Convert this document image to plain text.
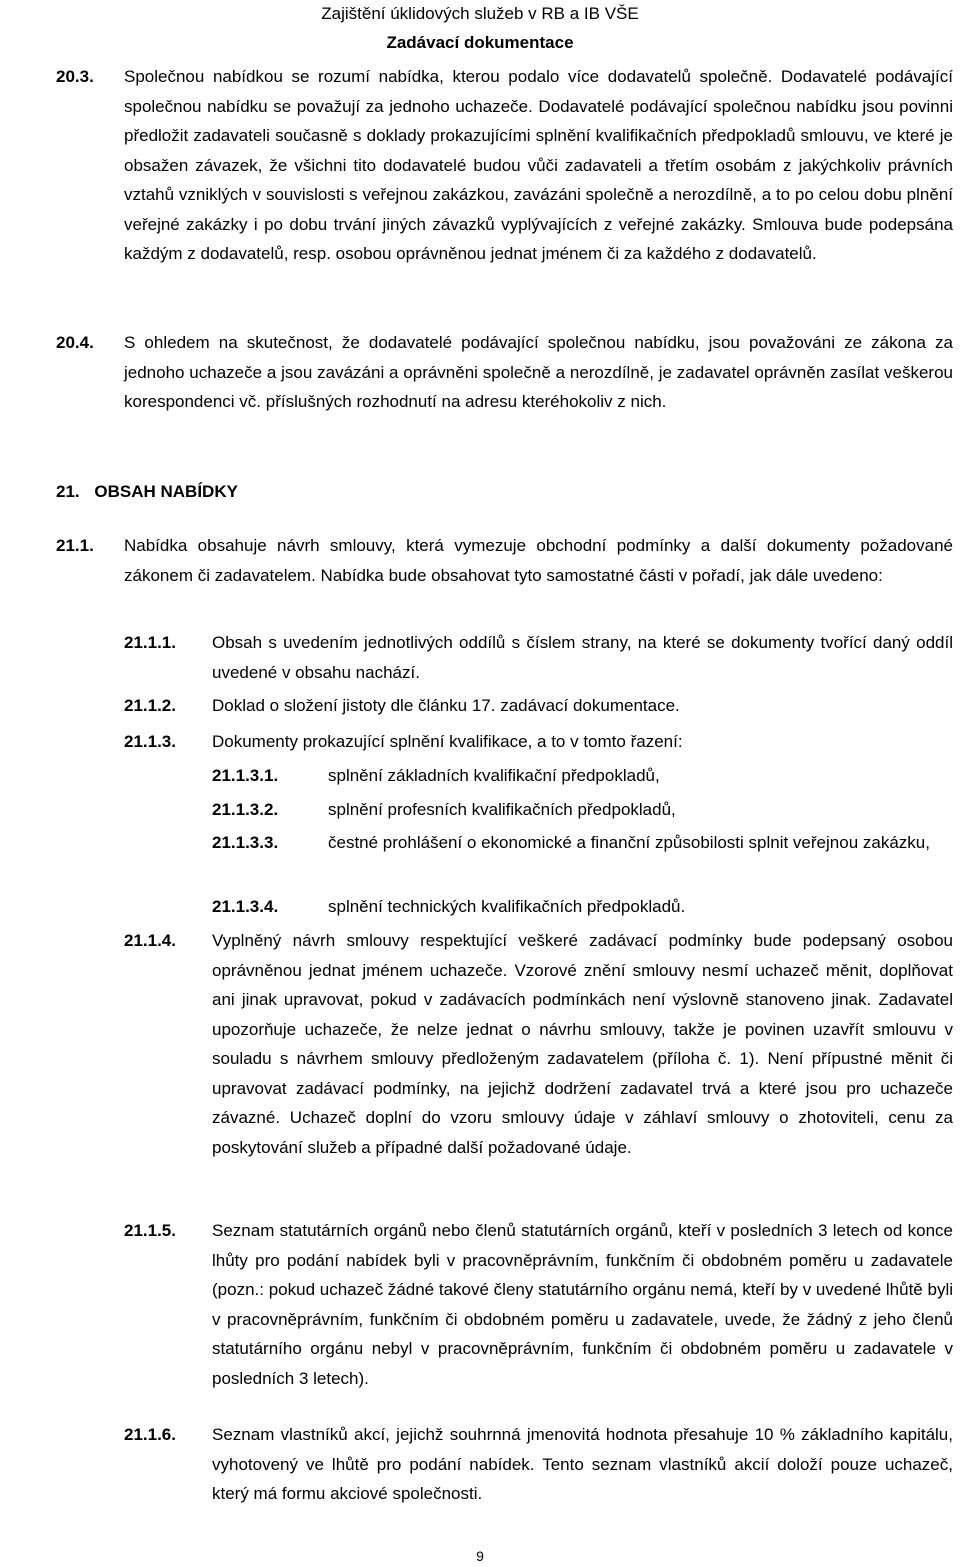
Zajištění úklidových služeb v RB a IB VŠE
Zadávací dokumentace
20.3. Společnou nabídkou se rozumí nabídka, kterou podalo více dodavatelů společně. Dodavatelé podávající společnou nabídku se považují za jednoho uchazeče. Dodavatelé podávající společnou nabídku jsou povinni předložit zadavateli současně s doklady prokazujícími splnění kvalifikačních předpokladů smlouvu, ve které je obsažen závazek, že všichni tito dodavatelé budou vůči zadavateli a třetím osobám z jakýchkoliv právních vztahů vzniklých v souvislosti s veřejnou zakázkou, zavázáni společně a nerozdílně, a to po celou dobu plnění veřejné zakázky i po dobu trvání jiných závazků vyplývajících z veřejné zakázky. Smlouva bude podepsána každým z dodavatelů, resp. osobou oprávněnou jednat jménem či za každého z dodavatelů.
20.4. S ohledem na skutečnost, že dodavatelé podávající společnou nabídku, jsou považováni ze zákona za jednoho uchazeče a jsou zavázáni a oprávněni společně a nerozdílně, je zadavatel oprávněn zasílat veškerou korespondenci vč. příslušných rozhodnutí na adresu kteréhokoliv z nich.
21. OBSAH NABÍDKY
21.1. Nabídka obsahuje návrh smlouvy, která vymezuje obchodní podmínky a další dokumenty požadované zákonem či zadavatelem. Nabídka bude obsahovat tyto samostatné části v pořadí, jak dále uvedeno:
21.1.1. Obsah s uvedením jednotlivých oddílů s číslem strany, na které se dokumenty tvořící daný oddíl uvedené v obsahu nachází.
21.1.2. Doklad o složení jistoty dle článku 17. zadávací dokumentace.
21.1.3. Dokumenty prokazující splnění kvalifikace, a to v tomto řazení:
21.1.3.1.	splnění základních kvalifikační předpokladů,
21.1.3.2.	splnění profesních kvalifikačních předpokladů,
21.1.3.3.	čestné prohlášení o ekonomické a finanční způsobilosti splnit veřejnou zakázku,
21.1.3.4.	splnění technických kvalifikačních předpokladů.
21.1.4. Vyplněný návrh smlouvy respektující veškeré zadávací podmínky bude podepsaný osobou oprávněnou jednat jménem uchazeče. Vzorové znění smlouvy nesmí uchazeč měnit, doplňovat ani jinak upravovat, pokud v zadávacích podmínkách není výslovně stanoveno jinak. Zadavatel upozorňuje uchazeče, že nelze jednat o návrhu smlouvy, takže je povinen uzavřít smlouvu v souladu s návrhem smlouvy předloženým zadavatelem (příloha č. 1). Není přípustné měnit či upravovat zadávací podmínky, na jejichž dodržení zadavatel trvá a které jsou pro uchazeče závazné. Uchazeč doplní do vzoru smlouvy údaje v záhlaví smlouvy o zhotoviteli, cenu za poskytování služeb a případné další požadované údaje.
21.1.5. Seznam statutárních orgánů nebo členů statutárních orgánů, kteří v posledních 3 letech od konce lhůty pro podání nabídek byli v pracovněprávním, funkčním či obdobném poměru u zadavatele (pozn.: pokud uchazeč žádné takové členy statutárního orgánu nemá, kteří by v uvedené lhůtě byli v pracovněprávním, funkčním či obdobném poměru u zadavatele, uvede, že žádný z jeho členů statutárního orgánu nebyl v pracovněprávním, funkčním či obdobném poměru u zadavatele v posledních 3 letech).
21.1.6. Seznam vlastníků akcí, jejichž souhrnná jmenovitá hodnota přesahuje 10 % základního kapitálu, vyhotovený ve lhůtě pro podání nabídek. Tento seznam vlastníků akcií doloží pouze uchazeč, který má formu akciové společnosti.
9
